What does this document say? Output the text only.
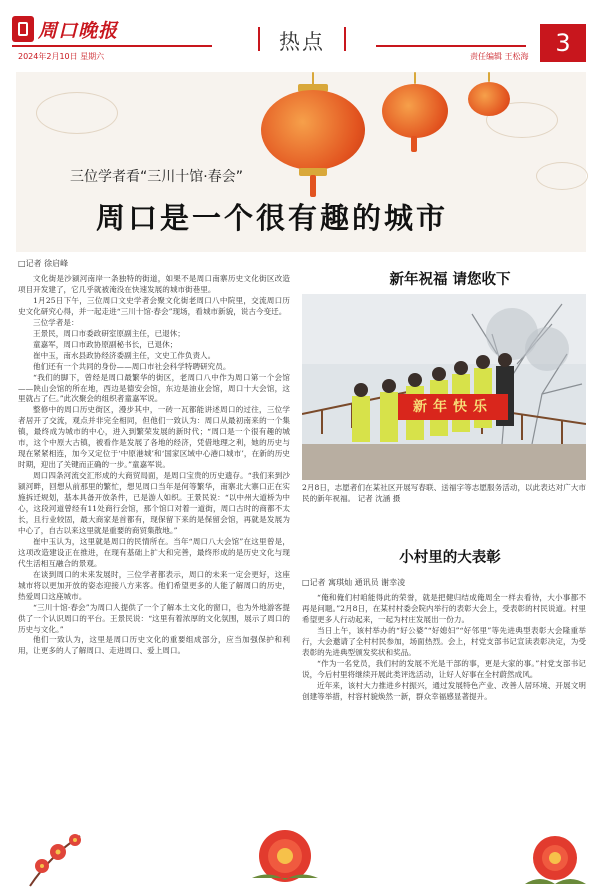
周口晚报
2024年2月10日 星期六
热点
责任编辑 王松海	3
三位学者看“三川十馆·春会”
周口是一个很有趣的城市
□记者 徐启峰

文化街是沙颍河南岸一条独特的街道，如果不是周口南寨历史文化街区改造项目开发建了，它几乎就被淹没在快速发展的城市街巷里。

1月25日下午，三位周口文史学者会聚文化街老周口八中院里，交流周口历史文化研究心得，并一起走进“三川十馆·春会”现场，看城市新貌，说古今变迁。

三位学者是：

王景民，周口市委政研室原副主任，已退休；

童嘉军，周口市政协原副秘书长，已退休；

崔中玉，南水县政协经济委副主任，文史工作负责人。

他们还有一个共同的身份——周口市社会科学特聘研究员。

“我们的脚下，曾经是周口最繁华的街区，老周口八中作为周口第一个会馆——陕山会馆的所在地，西边是德安会馆，东边是油业会馆，周口十大会馆，这里就占了仨。”此次聚会的组织者童嘉军说。

整修中的周口历史街区，漫步其中，一砖一瓦都能讲述周口的过往，三位学者居开了交流，观点并非完全相同，但他们一致认为：周口从最初南来的一个集镇，最终成为城市的中心，进入到繁荣发展的新时代；“周口是一个很有趣的城市，这个中原大古镇，被看作是发展了各地的经济，凭借地理之利，她的历史与现在紧紧相连，加今又定位于‘中原港城’和‘国家区域中心港口城市’，在新的历史时期，迎出了关键而正确的一步。”童嘉军说。

周口四条河流交汇形成的大商贸局面，是周口宝贵的历史遗存。“我们来到沙颍河畔，回想从前那里的繁忙，想见周口当年是何等繁华，南寨北大寨口正在实施拆迁规划，基本具备开放条件，已是游人如织。王景民说：“以中州大道桥为中心，这段河道曾经有11处商行会馆，那个馆口对着一道街，周口古时的商都不太长，且行业较固，最大商家是首都有，现保留下来的是保留会馆，再就是发展为中心了，自古以来这里就是重要的商贸集散地。”

崔中玉认为，这里就是周口的民情所在。当年“周口八大会馆”在这里曾是，这项改造建设正在推进，在现有基础上扩大和完善，最终形成的是历史文化与现代生活相互融合的景观。

在谈到周口的未来发展时，三位学者都表示，周口的未来一定会更好，这座城市将以更加开放的姿态迎接八方来客。他们希望更多的人能了解周口的历史，热爱周口这座城市。

“三川十馆·春会”为周口人提供了一个了解本土文化的窗口，也为外地游客提供了一个认识周口的平台。王景民说：“这里有着浓厚的文化氛围，展示了周口的历史与文化。”

他们一致认为，这里是周口历史文化的重要组成部分，应当加强保护和利用，让更多的人了解周口、走进周口、爱上周口。

新年祝福 请您收下
新年快乐
2月8日，志愿者们在某社区开展写春联、送福字等志愿服务活动，以此表达对广大市民的新年祝福。 记者 沈涵 摄
小村里的大表彰
□记者 寓琪灿 通讯员 谢幸凌

“俺和俺们村咱能得此的荣誉，就是把健归结成俺周全一样去看待，大小事都不再是问题。”2月8日，在某村村委会院内举行的表彰大会上，受表彰的村民说道。村里希望更多人行动起来，一起为村庄发展出一份力。

当日上午，该村举办的“好公婆”“好媳妇”“好邻里”等先进典型表彰大会隆重举行，大会邀请了全村村民参加，场面热烈。会上，村党支部书记宣读表彰决定，为受表彰的先进典型颁发奖状和奖品。

“作为一名党员，我们村的发展不光是干部的事，更是大家的事。”村党支部书记说，今后村里将继续开展此类评选活动，让好人好事在全村蔚然成风。

近年来，该村大力推进乡村振兴，通过发展特色产业、改善人居环境、开展文明创建等举措，村容村貌焕然一新，群众幸福感显著提升。
